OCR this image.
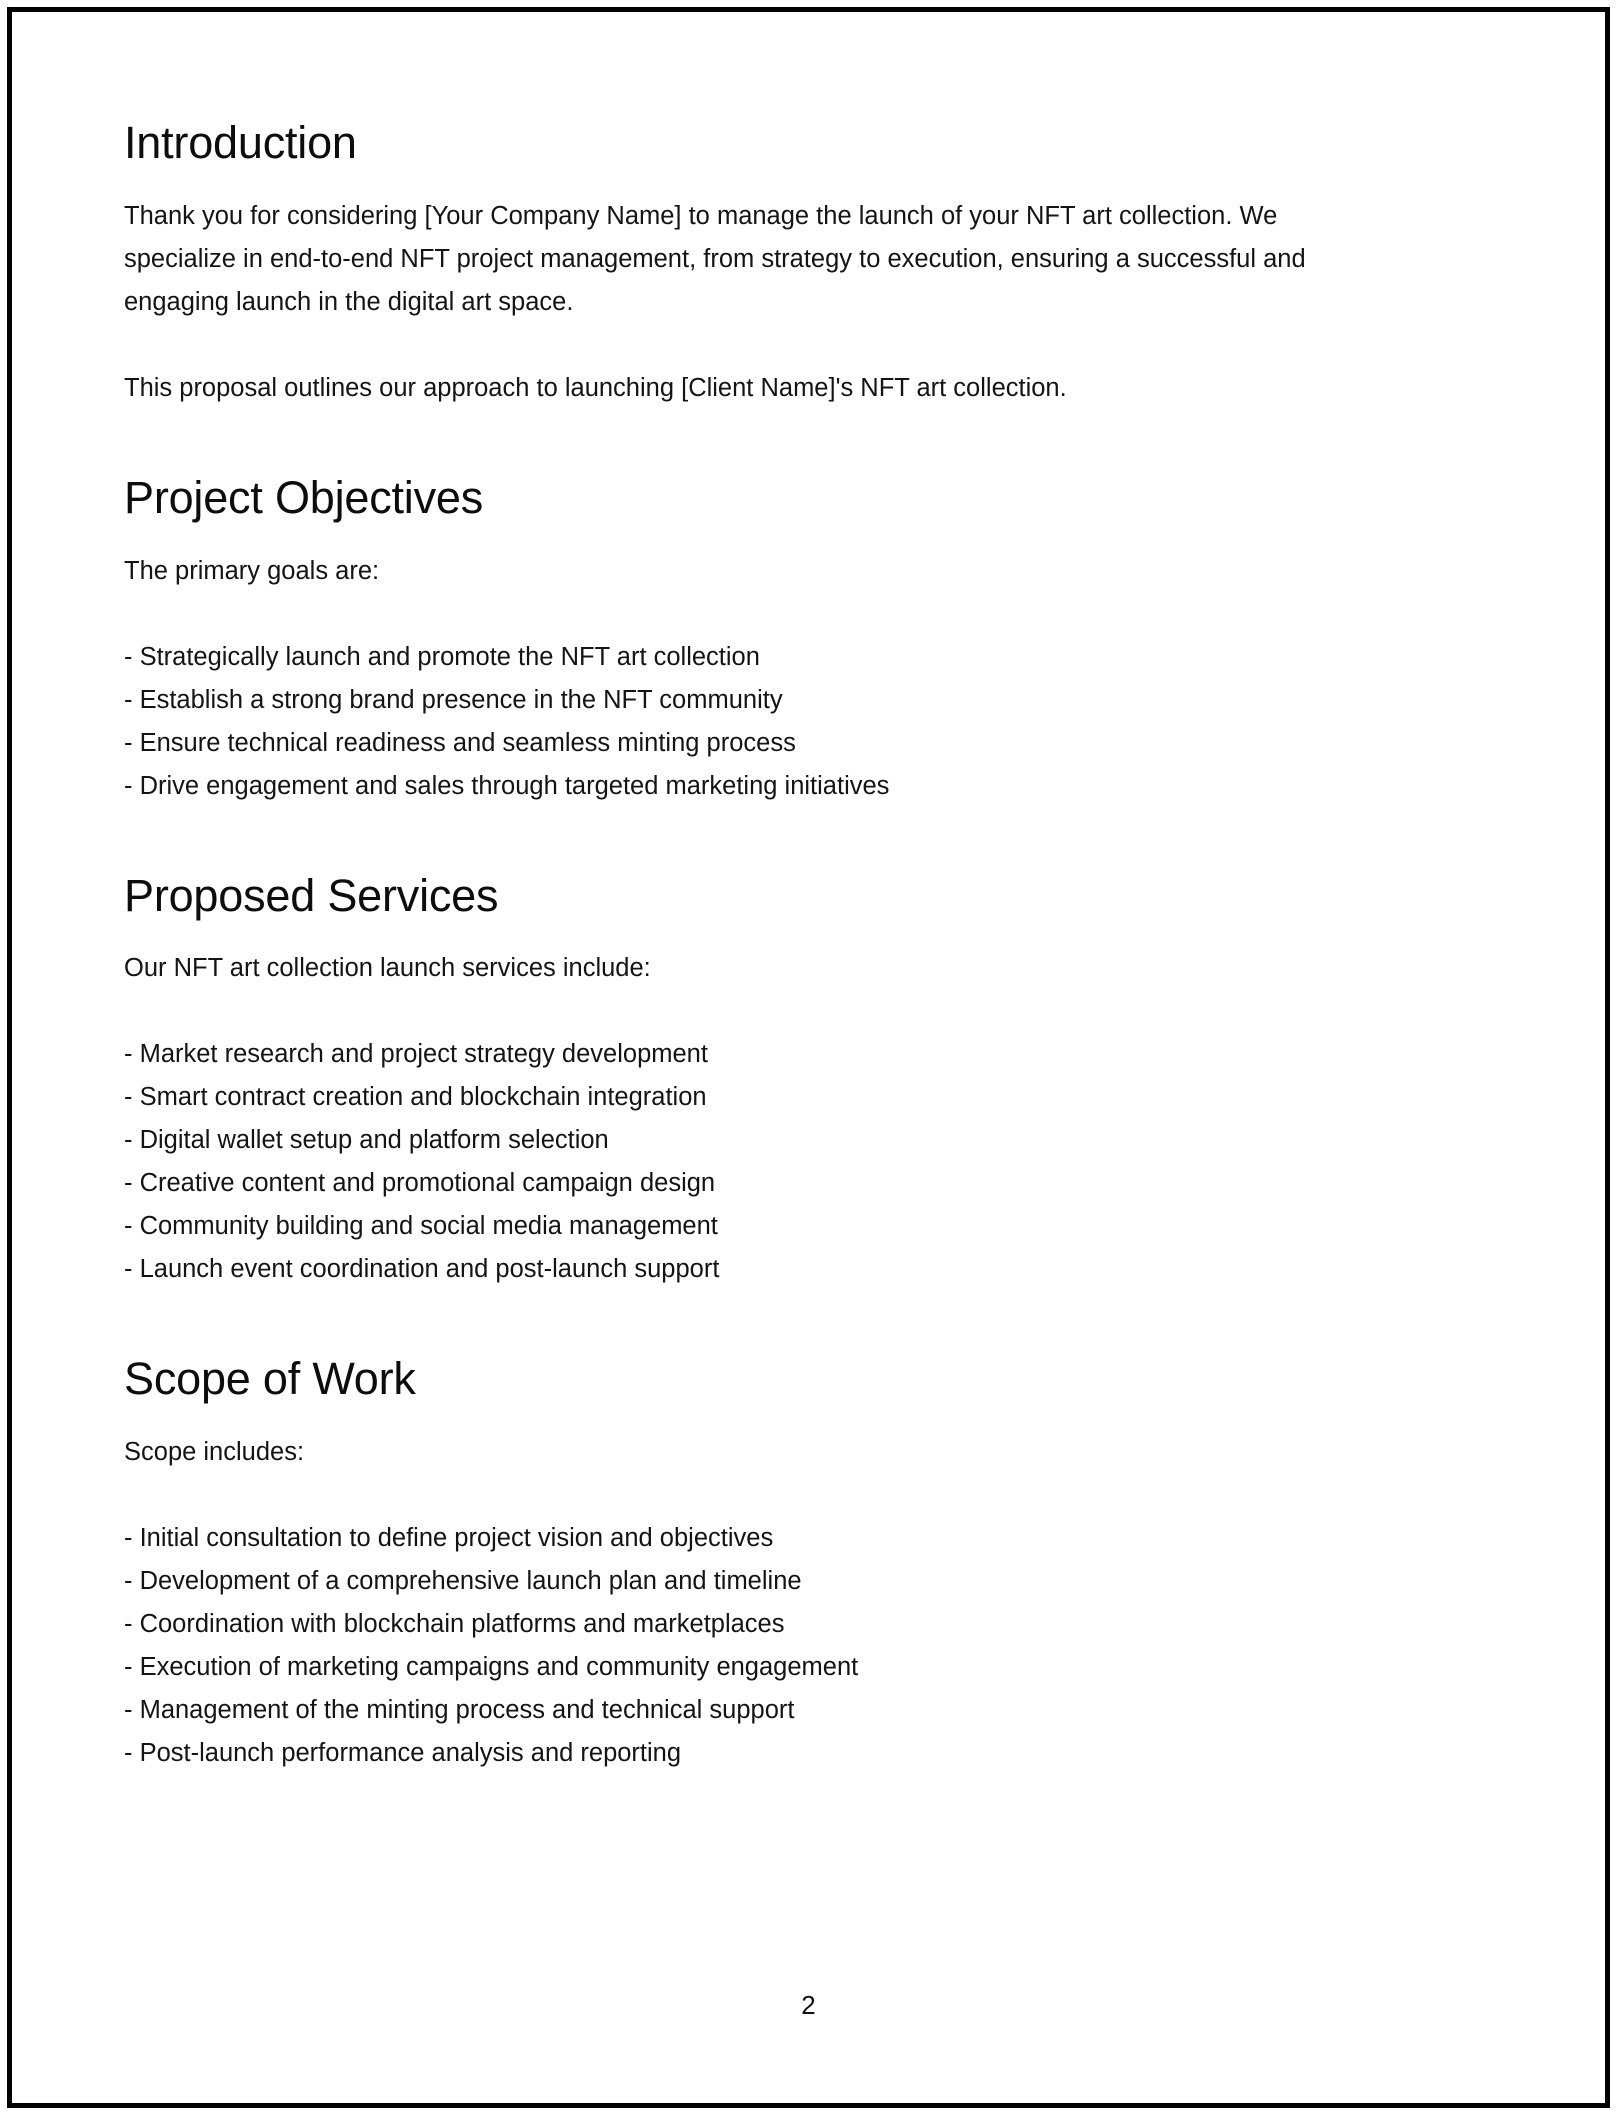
Introduction

Thank you for considering [Your Company Name] to manage the launch of your NFT art collection. We specialize in end-to-end NFT project management, from strategy to execution, ensuring a successful and engaging launch in the digital art space.

This proposal outlines our approach to launching [Client Name]'s NFT art collection.

Project Objectives

The primary goals are:

- Strategically launch and promote the NFT art collection
- Establish a strong brand presence in the NFT community
- Ensure technical readiness and seamless minting process
- Drive engagement and sales through targeted marketing initiatives
Proposed Services

Our NFT art collection launch services include:

- Market research and project strategy development
- Smart contract creation and blockchain integration
- Digital wallet setup and platform selection
- Creative content and promotional campaign design
- Community building and social media management
- Launch event coordination and post-launch support
Scope of Work

Scope includes:

- Initial consultation to define project vision and objectives
- Development of a comprehensive launch plan and timeline
- Coordination with blockchain platforms and marketplaces
- Execution of marketing campaigns and community engagement
- Management of the minting process and technical support
- Post-launch performance analysis and reporting
2
